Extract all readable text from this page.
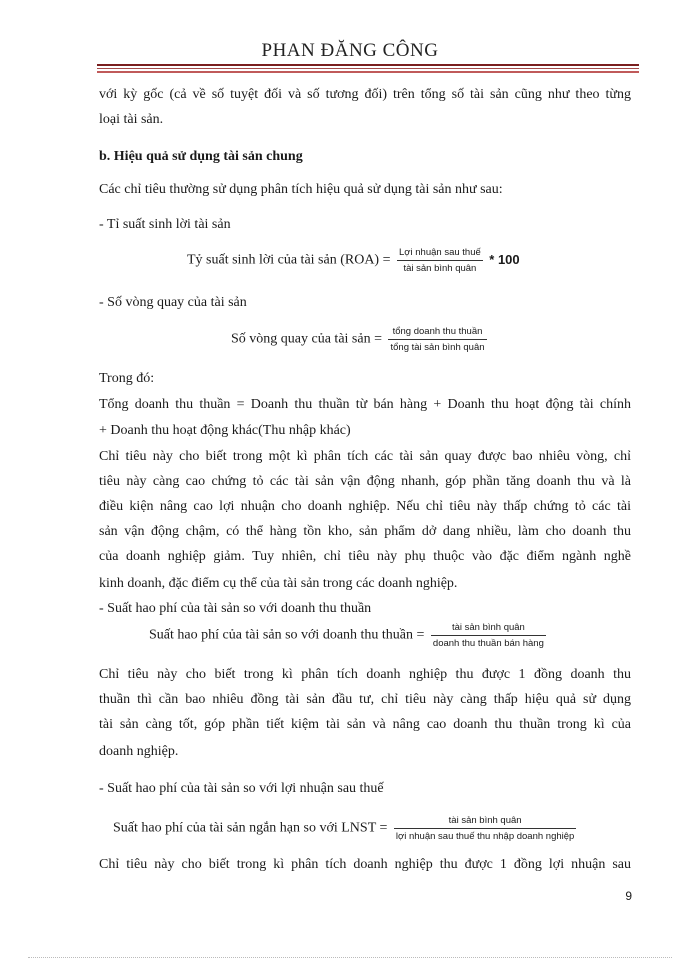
PHAN ĐĂNG CÔNG
với kỳ gốc (cả về số tuyệt đối và số tương đối) trên tổng số tài sản cũng như theo từng
loại tài sản.
b. Hiệu quả sử dụng tài sản chung
Các chỉ tiêu thường sử dụng phân tích hiệu quả sử dụng tài sản như sau:
- Tỉ suất sinh lời tài sản
Tỷ suất sinh lời của tài sản $(ROA) = \frac{\text{Lợi nhuận sau thuế}}{\text{tài sản bình quân}} * 100$
- Số vòng quay của tài sản
Số vòng quay của tài sản = $\frac{\text{tổng doanh thu thuần}}{\text{tổng tài sản bình quân}}$
Trong đó:
Tổng doanh thu thuần = Doanh thu thuần từ bán hàng + Doanh thu hoạt động tài chính
+ Doanh thu hoạt động khác(Thu nhập khác)
Chỉ tiêu này cho biết trong một kì phân tích các tài sản quay được bao nhiêu vòng, chỉ
tiêu này càng cao chứng tỏ các tài sản vận động nhanh, góp phần tăng doanh thu và là
điều kiện nâng cao lợi nhuận cho doanh nghiệp. Nếu chỉ tiêu này thấp chứng tỏ các tài
sản vận động chậm, có thể hàng tồn kho, sản phẩm dở dang nhiều, làm cho doanh thu
của doanh nghiệp giảm. Tuy nhiên, chỉ tiêu này phụ thuộc vào đặc điểm ngành nghề
kinh doanh, đặc điểm cụ thể của tài sản trong các doanh nghiệp.
- Suất hao phí của tài sản so với doanh thu thuần
Suất hao phí của tài sản so với doanh thu thuần = $\frac{\text{tài sản bình quân}}{\text{doanh thu thuần bán hàng}}$
Chỉ tiêu này cho biết trong kì phân tích doanh nghiệp thu được 1 đồng doanh thu
thuần thì cần bao nhiêu đồng tài sản đầu tư, chỉ tiêu này càng thấp hiệu quả sử dụng
tài sản càng tốt, góp phần tiết kiệm tài sản và nâng cao doanh thu thuần trong kì của
doanh nghiệp.
- Suất hao phí của tài sản so với lợi nhuận sau thuế
Suất hao phí của tài sản ngắn hạn so với LNST = $\frac{\text{tài sản bình quân}}{\text{lợi nhuận sau thuế thu nhập doanh nghiệp}}$
Chỉ tiêu này cho biết trong kì phân tích doanh nghiệp thu được 1 đồng lợi nhuận sau
9
